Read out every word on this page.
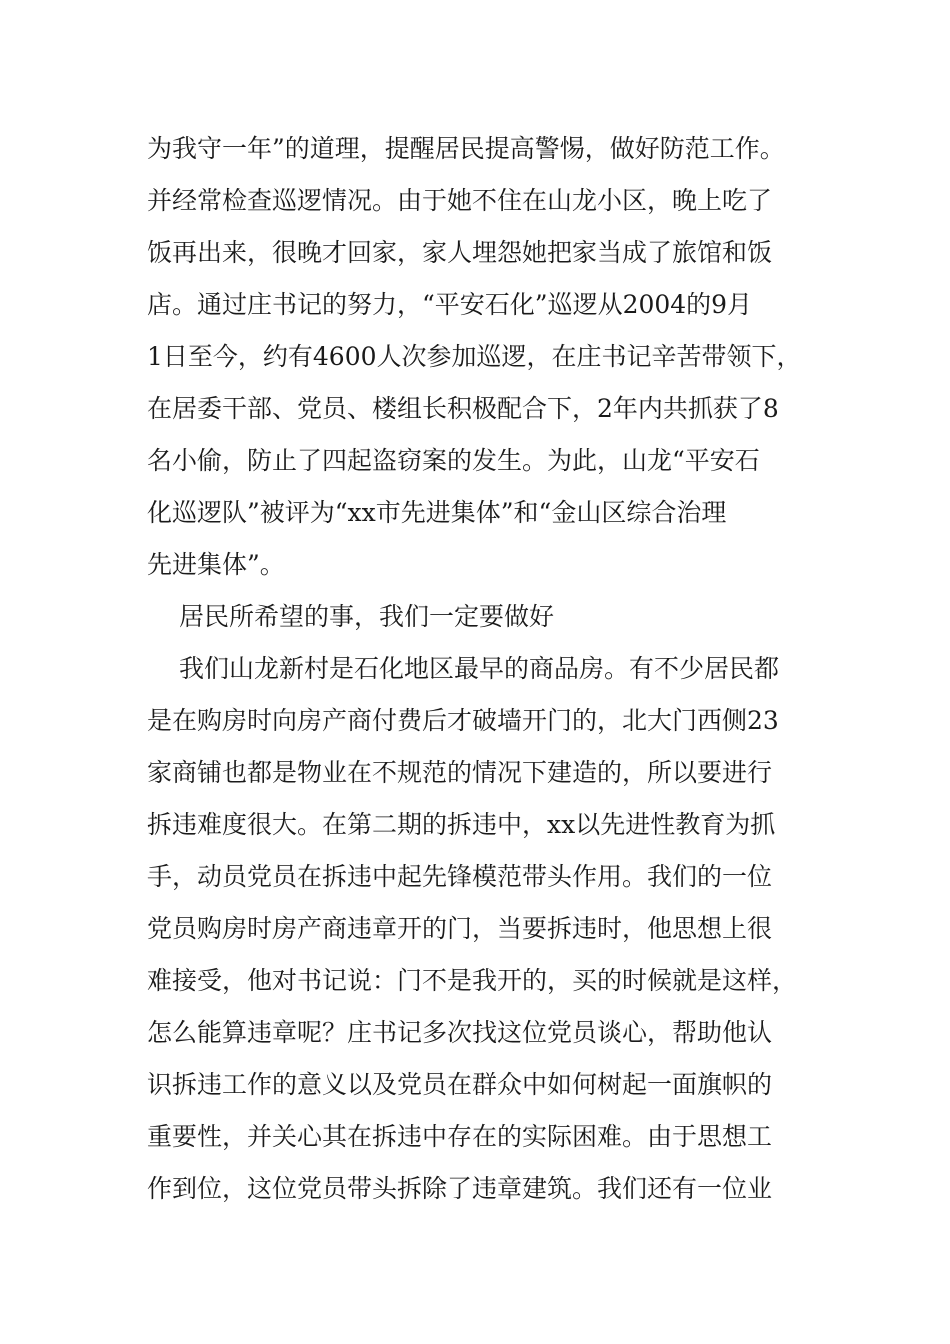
为我守一年”的道理，提醒居民提高警惕，做好防范工作。
并经常检查巡逻情况。由于她不住在山龙小区，晚上吃了
饭再出来，很晚才回家，家人埋怨她把家当成了旅馆和饭
店。通过庄书记的努力，“平安石化”巡逻从2004的9月
1日至今，约有4600人次参加巡逻，在庄书记辛苦带领下，
在居委干部、党员、楼组长积极配合下，2年内共抓获了8
名小偷，防止了四起盗窃案的发生。为此，山龙“平安石
化巡逻队”被评为“xx市先进集体”和“金山区综合治理
先进集体”。
居民所希望的事，我们一定要做好
我们山龙新村是石化地区最早的商品房。有不少居民都
是在购房时向房产商付费后才破墙开门的，北大门西侧23
家商铺也都是物业在不规范的情况下建造的，所以要进行
拆违难度很大。在第二期的拆违中，xx以先进性教育为抓
手，动员党员在拆违中起先锋模范带头作用。我们的一位
党员购房时房产商违章开的门，当要拆违时，他思想上很
难接受，他对书记说：门不是我开的，买的时候就是这样，
怎么能算违章呢？庄书记多次找这位党员谈心，帮助他认
识拆违工作的意义以及党员在群众中如何树起一面旗帜的
重要性，并关心其在拆违中存在的实际困难。由于思想工
作到位，这位党员带头拆除了违章建筑。我们还有一位业
